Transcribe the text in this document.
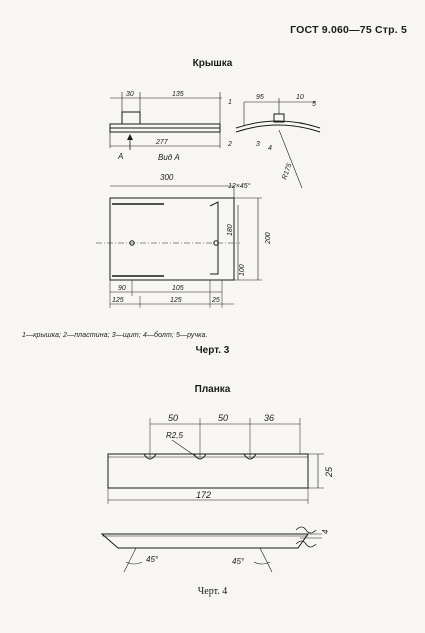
ГОСТ 9.060—75 Стр. 5
Крышка
1—крышка; 2—пластина; 3—щит; 4—болт; 5—ручка.
Черт. 3
Планка
Черт. 4
A	Вид А
30	135
277
95	10
R175
1
2	3
4
5
300
12×45°
180
200
100
90	105
125	125	25
50	50	36
R2,5
25
172
4
45°	45°
